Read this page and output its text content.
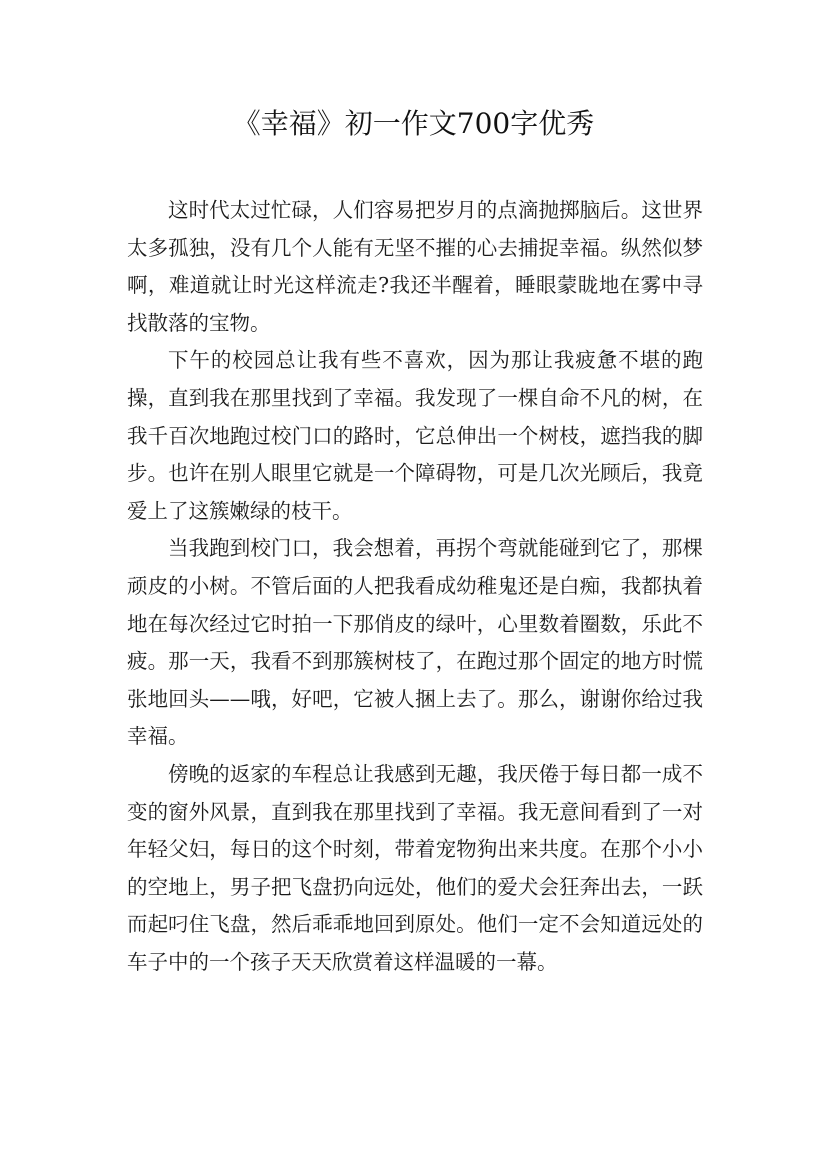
《幸福》初一作文700字优秀

这时代太过忙碌，人们容易把岁月的点滴抛掷脑后。这世界太多孤独，没有几个人能有无坚不摧的心去捕捉幸福。纵然似梦啊，难道就让时光这样流走?我还半醒着，睡眼蒙眬地在雾中寻找散落的宝物。

下午的校园总让我有些不喜欢，因为那让我疲惫不堪的跑操，直到我在那里找到了幸福。我发现了一棵自命不凡的树，在我千百次地跑过校门口的路时，它总伸出一个树枝，遮挡我的脚步。也许在别人眼里它就是一个障碍物，可是几次光顾后，我竟爱上了这簇嫩绿的枝干。

当我跑到校门口，我会想着，再拐个弯就能碰到它了，那棵顽皮的小树。不管后面的人把我看成幼稚鬼还是白痴，我都执着地在每次经过它时拍一下那俏皮的绿叶，心里数着圈数，乐此不疲。那一天，我看不到那簇树枝了，在跑过那个固定的地方时慌张地回头——哦，好吧，它被人捆上去了。那么，谢谢你给过我幸福。

傍晚的返家的车程总让我感到无趣，我厌倦于每日都一成不变的窗外风景，直到我在那里找到了幸福。我无意间看到了一对年轻父妇，每日的这个时刻，带着宠物狗出来共度。在那个小小的空地上，男子把飞盘扔向远处，他们的爱犬会狂奔出去，一跃而起叼住飞盘，然后乖乖地回到原处。他们一定不会知道远处的车子中的一个孩子天天欣赏着这样温暖的一幕。
